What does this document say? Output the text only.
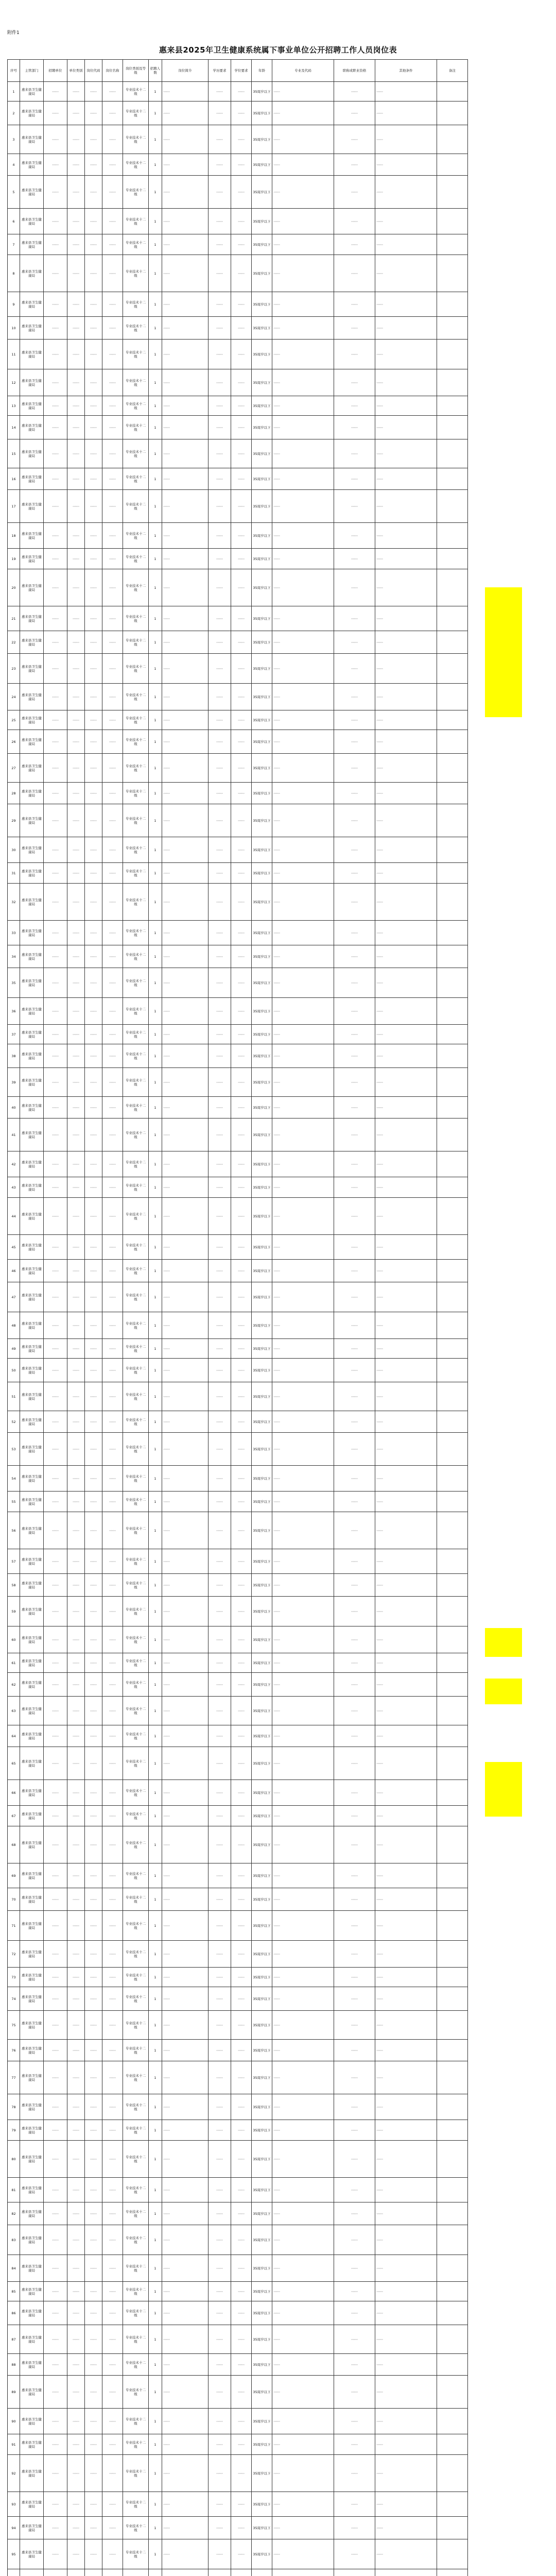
附件1
惠来县2025年卫生健康系统属下事业单位公开招聘工作人员岗位表
序号	主管部门	招聘单位	单位类别	岗位代码	岗位名称	岗位类别及等级	招聘人数	岗位简介	学历要求	学位要求	年龄	专业及代码	职称或职业资格	其他条件	备注
1	惠来县卫生健康局	⋯⋯	⋯⋯	⋯⋯	⋯⋯	专业技术十二级	1	⋯⋯	⋯⋯	⋯⋯	35周岁以下	⋯⋯	⋯⋯	⋯⋯	
2	惠来县卫生健康局	⋯⋯	⋯⋯	⋯⋯	⋯⋯	专业技术十二级	1	⋯⋯	⋯⋯	⋯⋯	35周岁以下	⋯⋯	⋯⋯	⋯⋯	
3	惠来县卫生健康局	⋯⋯	⋯⋯	⋯⋯	⋯⋯	专业技术十二级	1	⋯⋯	⋯⋯	⋯⋯	35周岁以下	⋯⋯	⋯⋯	⋯⋯	
4	惠来县卫生健康局	⋯⋯	⋯⋯	⋯⋯	⋯⋯	专业技术十二级	1	⋯⋯	⋯⋯	⋯⋯	35周岁以下	⋯⋯	⋯⋯	⋯⋯	
5	惠来县卫生健康局	⋯⋯	⋯⋯	⋯⋯	⋯⋯	专业技术十二级	1	⋯⋯	⋯⋯	⋯⋯	35周岁以下	⋯⋯	⋯⋯	⋯⋯	
6	惠来县卫生健康局	⋯⋯	⋯⋯	⋯⋯	⋯⋯	专业技术十二级	1	⋯⋯	⋯⋯	⋯⋯	35周岁以下	⋯⋯	⋯⋯	⋯⋯	
7	惠来县卫生健康局	⋯⋯	⋯⋯	⋯⋯	⋯⋯	专业技术十二级	1	⋯⋯	⋯⋯	⋯⋯	35周岁以下	⋯⋯	⋯⋯	⋯⋯	
8	惠来县卫生健康局	⋯⋯	⋯⋯	⋯⋯	⋯⋯	专业技术十二级	1	⋯⋯	⋯⋯	⋯⋯	35周岁以下	⋯⋯	⋯⋯	⋯⋯	
9	惠来县卫生健康局	⋯⋯	⋯⋯	⋯⋯	⋯⋯	专业技术十二级	1	⋯⋯	⋯⋯	⋯⋯	35周岁以下	⋯⋯	⋯⋯	⋯⋯	
10	惠来县卫生健康局	⋯⋯	⋯⋯	⋯⋯	⋯⋯	专业技术十二级	1	⋯⋯	⋯⋯	⋯⋯	35周岁以下	⋯⋯	⋯⋯	⋯⋯	
11	惠来县卫生健康局	⋯⋯	⋯⋯	⋯⋯	⋯⋯	专业技术十二级	1	⋯⋯	⋯⋯	⋯⋯	35周岁以下	⋯⋯	⋯⋯	⋯⋯	
12	惠来县卫生健康局	⋯⋯	⋯⋯	⋯⋯	⋯⋯	专业技术十二级	1	⋯⋯	⋯⋯	⋯⋯	35周岁以下	⋯⋯	⋯⋯	⋯⋯	
13	惠来县卫生健康局	⋯⋯	⋯⋯	⋯⋯	⋯⋯	专业技术十二级	1	⋯⋯	⋯⋯	⋯⋯	35周岁以下	⋯⋯	⋯⋯	⋯⋯	
14	惠来县卫生健康局	⋯⋯	⋯⋯	⋯⋯	⋯⋯	专业技术十二级	1	⋯⋯	⋯⋯	⋯⋯	35周岁以下	⋯⋯	⋯⋯	⋯⋯	
15	惠来县卫生健康局	⋯⋯	⋯⋯	⋯⋯	⋯⋯	专业技术十二级	1	⋯⋯	⋯⋯	⋯⋯	35周岁以下	⋯⋯	⋯⋯	⋯⋯	
16	惠来县卫生健康局	⋯⋯	⋯⋯	⋯⋯	⋯⋯	专业技术十二级	1	⋯⋯	⋯⋯	⋯⋯	35周岁以下	⋯⋯	⋯⋯	⋯⋯	
17	惠来县卫生健康局	⋯⋯	⋯⋯	⋯⋯	⋯⋯	专业技术十二级	1	⋯⋯	⋯⋯	⋯⋯	35周岁以下	⋯⋯	⋯⋯	⋯⋯	
18	惠来县卫生健康局	⋯⋯	⋯⋯	⋯⋯	⋯⋯	专业技术十二级	1	⋯⋯	⋯⋯	⋯⋯	35周岁以下	⋯⋯	⋯⋯	⋯⋯	
19	惠来县卫生健康局	⋯⋯	⋯⋯	⋯⋯	⋯⋯	专业技术十二级	1	⋯⋯	⋯⋯	⋯⋯	35周岁以下	⋯⋯	⋯⋯	⋯⋯	
20	惠来县卫生健康局	⋯⋯	⋯⋯	⋯⋯	⋯⋯	专业技术十二级	1	⋯⋯	⋯⋯	⋯⋯	35周岁以下	⋯⋯	⋯⋯	⋯⋯	
21	惠来县卫生健康局	⋯⋯	⋯⋯	⋯⋯	⋯⋯	专业技术十二级	1	⋯⋯	⋯⋯	⋯⋯	35周岁以下	⋯⋯	⋯⋯	⋯⋯	
22	惠来县卫生健康局	⋯⋯	⋯⋯	⋯⋯	⋯⋯	专业技术十二级	1	⋯⋯	⋯⋯	⋯⋯	35周岁以下	⋯⋯	⋯⋯	⋯⋯	
23	惠来县卫生健康局	⋯⋯	⋯⋯	⋯⋯	⋯⋯	专业技术十二级	1	⋯⋯	⋯⋯	⋯⋯	35周岁以下	⋯⋯	⋯⋯	⋯⋯	
24	惠来县卫生健康局	⋯⋯	⋯⋯	⋯⋯	⋯⋯	专业技术十二级	1	⋯⋯	⋯⋯	⋯⋯	35周岁以下	⋯⋯	⋯⋯	⋯⋯	
25	惠来县卫生健康局	⋯⋯	⋯⋯	⋯⋯	⋯⋯	专业技术十二级	1	⋯⋯	⋯⋯	⋯⋯	35周岁以下	⋯⋯	⋯⋯	⋯⋯	
26	惠来县卫生健康局	⋯⋯	⋯⋯	⋯⋯	⋯⋯	专业技术十二级	1	⋯⋯	⋯⋯	⋯⋯	35周岁以下	⋯⋯	⋯⋯	⋯⋯	
27	惠来县卫生健康局	⋯⋯	⋯⋯	⋯⋯	⋯⋯	专业技术十二级	1	⋯⋯	⋯⋯	⋯⋯	35周岁以下	⋯⋯	⋯⋯	⋯⋯	
28	惠来县卫生健康局	⋯⋯	⋯⋯	⋯⋯	⋯⋯	专业技术十二级	1	⋯⋯	⋯⋯	⋯⋯	35周岁以下	⋯⋯	⋯⋯	⋯⋯	
29	惠来县卫生健康局	⋯⋯	⋯⋯	⋯⋯	⋯⋯	专业技术十二级	1	⋯⋯	⋯⋯	⋯⋯	35周岁以下	⋯⋯	⋯⋯	⋯⋯	
30	惠来县卫生健康局	⋯⋯	⋯⋯	⋯⋯	⋯⋯	专业技术十二级	1	⋯⋯	⋯⋯	⋯⋯	35周岁以下	⋯⋯	⋯⋯	⋯⋯	
31	惠来县卫生健康局	⋯⋯	⋯⋯	⋯⋯	⋯⋯	专业技术十二级	1	⋯⋯	⋯⋯	⋯⋯	35周岁以下	⋯⋯	⋯⋯	⋯⋯	
32	惠来县卫生健康局	⋯⋯	⋯⋯	⋯⋯	⋯⋯	专业技术十二级	1	⋯⋯	⋯⋯	⋯⋯	35周岁以下	⋯⋯	⋯⋯	⋯⋯	
33	惠来县卫生健康局	⋯⋯	⋯⋯	⋯⋯	⋯⋯	专业技术十二级	1	⋯⋯	⋯⋯	⋯⋯	35周岁以下	⋯⋯	⋯⋯	⋯⋯	
34	惠来县卫生健康局	⋯⋯	⋯⋯	⋯⋯	⋯⋯	专业技术十二级	1	⋯⋯	⋯⋯	⋯⋯	35周岁以下	⋯⋯	⋯⋯	⋯⋯	
35	惠来县卫生健康局	⋯⋯	⋯⋯	⋯⋯	⋯⋯	专业技术十二级	1	⋯⋯	⋯⋯	⋯⋯	35周岁以下	⋯⋯	⋯⋯	⋯⋯	
36	惠来县卫生健康局	⋯⋯	⋯⋯	⋯⋯	⋯⋯	专业技术十二级	1	⋯⋯	⋯⋯	⋯⋯	35周岁以下	⋯⋯	⋯⋯	⋯⋯	
37	惠来县卫生健康局	⋯⋯	⋯⋯	⋯⋯	⋯⋯	专业技术十二级	1	⋯⋯	⋯⋯	⋯⋯	35周岁以下	⋯⋯	⋯⋯	⋯⋯	
38	惠来县卫生健康局	⋯⋯	⋯⋯	⋯⋯	⋯⋯	专业技术十二级	1	⋯⋯	⋯⋯	⋯⋯	35周岁以下	⋯⋯	⋯⋯	⋯⋯	
39	惠来县卫生健康局	⋯⋯	⋯⋯	⋯⋯	⋯⋯	专业技术十二级	1	⋯⋯	⋯⋯	⋯⋯	35周岁以下	⋯⋯	⋯⋯	⋯⋯	
40	惠来县卫生健康局	⋯⋯	⋯⋯	⋯⋯	⋯⋯	专业技术十二级	1	⋯⋯	⋯⋯	⋯⋯	35周岁以下	⋯⋯	⋯⋯	⋯⋯	
41	惠来县卫生健康局	⋯⋯	⋯⋯	⋯⋯	⋯⋯	专业技术十二级	1	⋯⋯	⋯⋯	⋯⋯	35周岁以下	⋯⋯	⋯⋯	⋯⋯	
42	惠来县卫生健康局	⋯⋯	⋯⋯	⋯⋯	⋯⋯	专业技术十二级	1	⋯⋯	⋯⋯	⋯⋯	35周岁以下	⋯⋯	⋯⋯	⋯⋯	
43	惠来县卫生健康局	⋯⋯	⋯⋯	⋯⋯	⋯⋯	专业技术十二级	1	⋯⋯	⋯⋯	⋯⋯	35周岁以下	⋯⋯	⋯⋯	⋯⋯	
44	惠来县卫生健康局	⋯⋯	⋯⋯	⋯⋯	⋯⋯	专业技术十二级	1	⋯⋯	⋯⋯	⋯⋯	35周岁以下	⋯⋯	⋯⋯	⋯⋯	
45	惠来县卫生健康局	⋯⋯	⋯⋯	⋯⋯	⋯⋯	专业技术十二级	1	⋯⋯	⋯⋯	⋯⋯	35周岁以下	⋯⋯	⋯⋯	⋯⋯	
46	惠来县卫生健康局	⋯⋯	⋯⋯	⋯⋯	⋯⋯	专业技术十二级	1	⋯⋯	⋯⋯	⋯⋯	35周岁以下	⋯⋯	⋯⋯	⋯⋯	
47	惠来县卫生健康局	⋯⋯	⋯⋯	⋯⋯	⋯⋯	专业技术十二级	1	⋯⋯	⋯⋯	⋯⋯	35周岁以下	⋯⋯	⋯⋯	⋯⋯	
48	惠来县卫生健康局	⋯⋯	⋯⋯	⋯⋯	⋯⋯	专业技术十二级	1	⋯⋯	⋯⋯	⋯⋯	35周岁以下	⋯⋯	⋯⋯	⋯⋯	
49	惠来县卫生健康局	⋯⋯	⋯⋯	⋯⋯	⋯⋯	专业技术十二级	1	⋯⋯	⋯⋯	⋯⋯	35周岁以下	⋯⋯	⋯⋯	⋯⋯	
50	惠来县卫生健康局	⋯⋯	⋯⋯	⋯⋯	⋯⋯	专业技术十二级	1	⋯⋯	⋯⋯	⋯⋯	35周岁以下	⋯⋯	⋯⋯	⋯⋯	
51	惠来县卫生健康局	⋯⋯	⋯⋯	⋯⋯	⋯⋯	专业技术十二级	1	⋯⋯	⋯⋯	⋯⋯	35周岁以下	⋯⋯	⋯⋯	⋯⋯	
52	惠来县卫生健康局	⋯⋯	⋯⋯	⋯⋯	⋯⋯	专业技术十二级	1	⋯⋯	⋯⋯	⋯⋯	35周岁以下	⋯⋯	⋯⋯	⋯⋯	
53	惠来县卫生健康局	⋯⋯	⋯⋯	⋯⋯	⋯⋯	专业技术十二级	1	⋯⋯	⋯⋯	⋯⋯	35周岁以下	⋯⋯	⋯⋯	⋯⋯	
54	惠来县卫生健康局	⋯⋯	⋯⋯	⋯⋯	⋯⋯	专业技术十二级	1	⋯⋯	⋯⋯	⋯⋯	35周岁以下	⋯⋯	⋯⋯	⋯⋯	
55	惠来县卫生健康局	⋯⋯	⋯⋯	⋯⋯	⋯⋯	专业技术十二级	1	⋯⋯	⋯⋯	⋯⋯	35周岁以下	⋯⋯	⋯⋯	⋯⋯	
56	惠来县卫生健康局	⋯⋯	⋯⋯	⋯⋯	⋯⋯	专业技术十二级	1	⋯⋯	⋯⋯	⋯⋯	35周岁以下	⋯⋯	⋯⋯	⋯⋯	
57	惠来县卫生健康局	⋯⋯	⋯⋯	⋯⋯	⋯⋯	专业技术十二级	1	⋯⋯	⋯⋯	⋯⋯	35周岁以下	⋯⋯	⋯⋯	⋯⋯	
58	惠来县卫生健康局	⋯⋯	⋯⋯	⋯⋯	⋯⋯	专业技术十二级	1	⋯⋯	⋯⋯	⋯⋯	35周岁以下	⋯⋯	⋯⋯	⋯⋯	
59	惠来县卫生健康局	⋯⋯	⋯⋯	⋯⋯	⋯⋯	专业技术十二级	1	⋯⋯	⋯⋯	⋯⋯	35周岁以下	⋯⋯	⋯⋯	⋯⋯	
60	惠来县卫生健康局	⋯⋯	⋯⋯	⋯⋯	⋯⋯	专业技术十二级	1	⋯⋯	⋯⋯	⋯⋯	35周岁以下	⋯⋯	⋯⋯	⋯⋯	
61	惠来县卫生健康局	⋯⋯	⋯⋯	⋯⋯	⋯⋯	专业技术十二级	1	⋯⋯	⋯⋯	⋯⋯	35周岁以下	⋯⋯	⋯⋯	⋯⋯	
62	惠来县卫生健康局	⋯⋯	⋯⋯	⋯⋯	⋯⋯	专业技术十二级	1	⋯⋯	⋯⋯	⋯⋯	35周岁以下	⋯⋯	⋯⋯	⋯⋯	
63	惠来县卫生健康局	⋯⋯	⋯⋯	⋯⋯	⋯⋯	专业技术十二级	1	⋯⋯	⋯⋯	⋯⋯	35周岁以下	⋯⋯	⋯⋯	⋯⋯	
64	惠来县卫生健康局	⋯⋯	⋯⋯	⋯⋯	⋯⋯	专业技术十二级	1	⋯⋯	⋯⋯	⋯⋯	35周岁以下	⋯⋯	⋯⋯	⋯⋯	
65	惠来县卫生健康局	⋯⋯	⋯⋯	⋯⋯	⋯⋯	专业技术十二级	1	⋯⋯	⋯⋯	⋯⋯	35周岁以下	⋯⋯	⋯⋯	⋯⋯	
66	惠来县卫生健康局	⋯⋯	⋯⋯	⋯⋯	⋯⋯	专业技术十二级	1	⋯⋯	⋯⋯	⋯⋯	35周岁以下	⋯⋯	⋯⋯	⋯⋯	
67	惠来县卫生健康局	⋯⋯	⋯⋯	⋯⋯	⋯⋯	专业技术十二级	1	⋯⋯	⋯⋯	⋯⋯	35周岁以下	⋯⋯	⋯⋯	⋯⋯	
68	惠来县卫生健康局	⋯⋯	⋯⋯	⋯⋯	⋯⋯	专业技术十二级	1	⋯⋯	⋯⋯	⋯⋯	35周岁以下	⋯⋯	⋯⋯	⋯⋯	
69	惠来县卫生健康局	⋯⋯	⋯⋯	⋯⋯	⋯⋯	专业技术十二级	1	⋯⋯	⋯⋯	⋯⋯	35周岁以下	⋯⋯	⋯⋯	⋯⋯	
70	惠来县卫生健康局	⋯⋯	⋯⋯	⋯⋯	⋯⋯	专业技术十二级	1	⋯⋯	⋯⋯	⋯⋯	35周岁以下	⋯⋯	⋯⋯	⋯⋯	
71	惠来县卫生健康局	⋯⋯	⋯⋯	⋯⋯	⋯⋯	专业技术十二级	1	⋯⋯	⋯⋯	⋯⋯	35周岁以下	⋯⋯	⋯⋯	⋯⋯	
72	惠来县卫生健康局	⋯⋯	⋯⋯	⋯⋯	⋯⋯	专业技术十二级	1	⋯⋯	⋯⋯	⋯⋯	35周岁以下	⋯⋯	⋯⋯	⋯⋯	
73	惠来县卫生健康局	⋯⋯	⋯⋯	⋯⋯	⋯⋯	专业技术十二级	1	⋯⋯	⋯⋯	⋯⋯	35周岁以下	⋯⋯	⋯⋯	⋯⋯	
74	惠来县卫生健康局	⋯⋯	⋯⋯	⋯⋯	⋯⋯	专业技术十二级	1	⋯⋯	⋯⋯	⋯⋯	35周岁以下	⋯⋯	⋯⋯	⋯⋯	
75	惠来县卫生健康局	⋯⋯	⋯⋯	⋯⋯	⋯⋯	专业技术十二级	1	⋯⋯	⋯⋯	⋯⋯	35周岁以下	⋯⋯	⋯⋯	⋯⋯	
76	惠来县卫生健康局	⋯⋯	⋯⋯	⋯⋯	⋯⋯	专业技术十二级	1	⋯⋯	⋯⋯	⋯⋯	35周岁以下	⋯⋯	⋯⋯	⋯⋯	
77	惠来县卫生健康局	⋯⋯	⋯⋯	⋯⋯	⋯⋯	专业技术十二级	1	⋯⋯	⋯⋯	⋯⋯	35周岁以下	⋯⋯	⋯⋯	⋯⋯	
78	惠来县卫生健康局	⋯⋯	⋯⋯	⋯⋯	⋯⋯	专业技术十二级	1	⋯⋯	⋯⋯	⋯⋯	35周岁以下	⋯⋯	⋯⋯	⋯⋯	
79	惠来县卫生健康局	⋯⋯	⋯⋯	⋯⋯	⋯⋯	专业技术十二级	1	⋯⋯	⋯⋯	⋯⋯	35周岁以下	⋯⋯	⋯⋯	⋯⋯	
80	惠来县卫生健康局	⋯⋯	⋯⋯	⋯⋯	⋯⋯	专业技术十二级	1	⋯⋯	⋯⋯	⋯⋯	35周岁以下	⋯⋯	⋯⋯	⋯⋯	
81	惠来县卫生健康局	⋯⋯	⋯⋯	⋯⋯	⋯⋯	专业技术十二级	1	⋯⋯	⋯⋯	⋯⋯	35周岁以下	⋯⋯	⋯⋯	⋯⋯	
82	惠来县卫生健康局	⋯⋯	⋯⋯	⋯⋯	⋯⋯	专业技术十二级	1	⋯⋯	⋯⋯	⋯⋯	35周岁以下	⋯⋯	⋯⋯	⋯⋯	
83	惠来县卫生健康局	⋯⋯	⋯⋯	⋯⋯	⋯⋯	专业技术十二级	1	⋯⋯	⋯⋯	⋯⋯	35周岁以下	⋯⋯	⋯⋯	⋯⋯	
84	惠来县卫生健康局	⋯⋯	⋯⋯	⋯⋯	⋯⋯	专业技术十二级	1	⋯⋯	⋯⋯	⋯⋯	35周岁以下	⋯⋯	⋯⋯	⋯⋯	
85	惠来县卫生健康局	⋯⋯	⋯⋯	⋯⋯	⋯⋯	专业技术十二级	1	⋯⋯	⋯⋯	⋯⋯	35周岁以下	⋯⋯	⋯⋯	⋯⋯	
86	惠来县卫生健康局	⋯⋯	⋯⋯	⋯⋯	⋯⋯	专业技术十二级	1	⋯⋯	⋯⋯	⋯⋯	35周岁以下	⋯⋯	⋯⋯	⋯⋯	
87	惠来县卫生健康局	⋯⋯	⋯⋯	⋯⋯	⋯⋯	专业技术十二级	1	⋯⋯	⋯⋯	⋯⋯	35周岁以下	⋯⋯	⋯⋯	⋯⋯	
88	惠来县卫生健康局	⋯⋯	⋯⋯	⋯⋯	⋯⋯	专业技术十二级	1	⋯⋯	⋯⋯	⋯⋯	35周岁以下	⋯⋯	⋯⋯	⋯⋯	
89	惠来县卫生健康局	⋯⋯	⋯⋯	⋯⋯	⋯⋯	专业技术十二级	1	⋯⋯	⋯⋯	⋯⋯	35周岁以下	⋯⋯	⋯⋯	⋯⋯	
90	惠来县卫生健康局	⋯⋯	⋯⋯	⋯⋯	⋯⋯	专业技术十二级	1	⋯⋯	⋯⋯	⋯⋯	35周岁以下	⋯⋯	⋯⋯	⋯⋯	
91	惠来县卫生健康局	⋯⋯	⋯⋯	⋯⋯	⋯⋯	专业技术十二级	1	⋯⋯	⋯⋯	⋯⋯	35周岁以下	⋯⋯	⋯⋯	⋯⋯	
92	惠来县卫生健康局	⋯⋯	⋯⋯	⋯⋯	⋯⋯	专业技术十二级	1	⋯⋯	⋯⋯	⋯⋯	35周岁以下	⋯⋯	⋯⋯	⋯⋯	
93	惠来县卫生健康局	⋯⋯	⋯⋯	⋯⋯	⋯⋯	专业技术十二级	1	⋯⋯	⋯⋯	⋯⋯	35周岁以下	⋯⋯	⋯⋯	⋯⋯	
94	惠来县卫生健康局	⋯⋯	⋯⋯	⋯⋯	⋯⋯	专业技术十二级	1	⋯⋯	⋯⋯	⋯⋯	35周岁以下	⋯⋯	⋯⋯	⋯⋯	
95	惠来县卫生健康局	⋯⋯	⋯⋯	⋯⋯	⋯⋯	专业技术十二级	1	⋯⋯	⋯⋯	⋯⋯	35周岁以下	⋯⋯	⋯⋯	⋯⋯	
